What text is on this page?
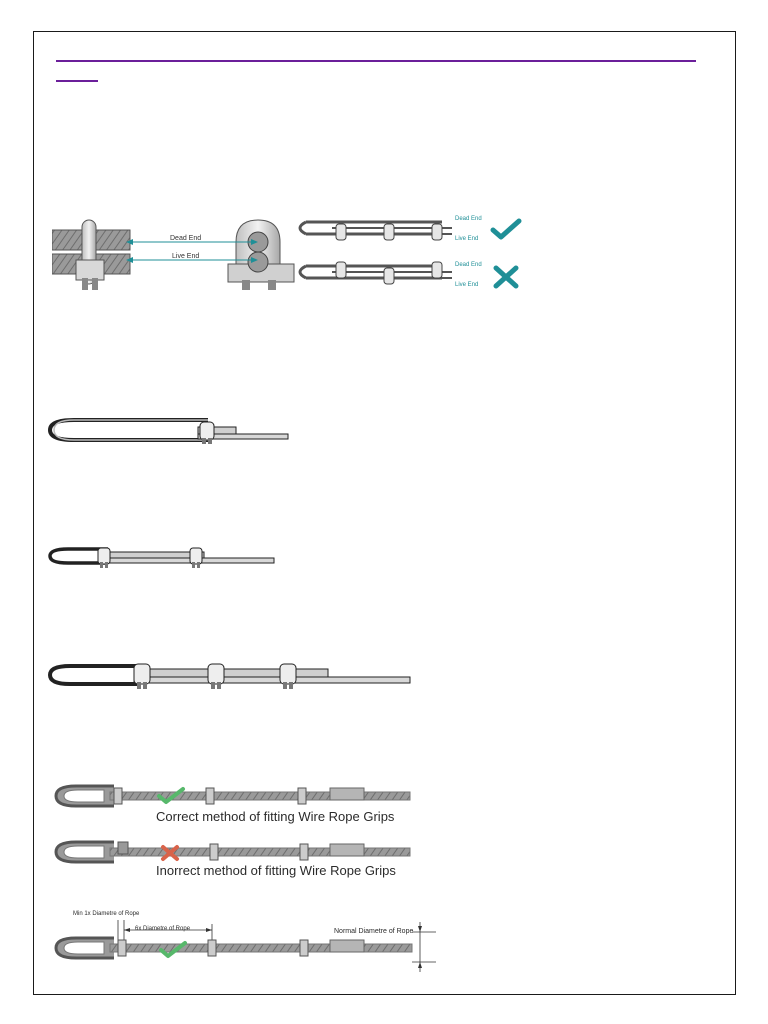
Dead End
Live End
Dead End
Live End
Dead End
Live End
Correct method of fitting Wire Rope Grips
Inorrect method of fitting Wire Rope Grips
Min 1x Diametre of Rope
6x Diametre of Rope	Normal Diametre of Rope
